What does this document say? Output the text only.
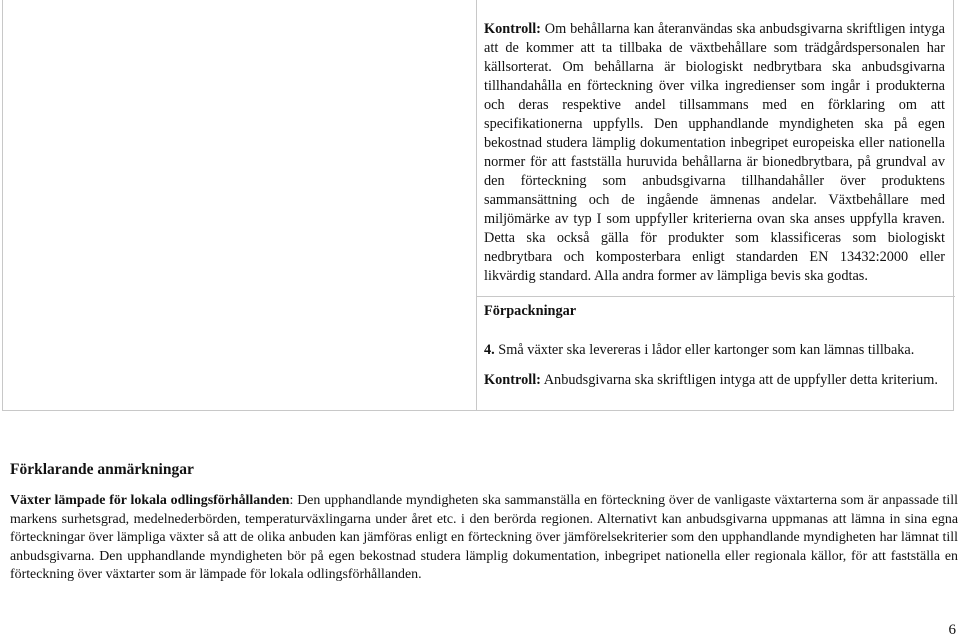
Kontroll: Om behållarna kan återanvändas ska anbudsgivarna skriftligen intyga att de kommer att ta tillbaka de växtbehållare som trädgårdspersonalen har källsorterat. Om behållarna är biologiskt nedbrytbara ska anbudsgivarna tillhandahålla en förteckning över vilka ingredienser som ingår i produkterna och deras respektive andel tillsammans med en förklaring om att specifikationerna uppfylls. Den upphandlande myndigheten ska på egen bekostnad studera lämplig dokumentation inbegripet europeiska eller nationella normer för att fastställa huruvida behållarna är bionedbrytbara, på grundval av den förteckning som anbudsgivarna tillhandahåller över produktens sammansättning och de ingående ämnenas andelar. Växtbehållare med miljömärke av typ I som uppfyller kriterierna ovan ska anses uppfylla kraven. Detta ska också gälla för produkter som klassificeras som biologiskt nedbrytbara och komposterbara enligt standarden EN 13432:2000 eller likvärdig standard. Alla andra former av lämpliga bevis ska godtas.

Förpackningar

4. Små växter ska levereras i lådor eller kartonger som kan lämnas tillbaka.

Kontroll: Anbudsgivarna ska skriftligen intyga att de uppfyller detta kriterium.

Förklarande anmärkningar

Växter lämpade för lokala odlingsförhållanden: Den upphandlande myndigheten ska sammanställa en förteckning över de vanligaste växtarterna som är anpassade till markens surhetsgrad, medelnederbörden, temperaturväxlingarna under året etc. i den berörda regionen. Alternativt kan anbudsgivarna uppmanas att lämna in sina egna förteckningar över lämpliga växter så att de olika anbuden kan jämföras enligt en förteckning över jämförelsekriterier som den upphandlande myndigheten har lämnat till anbudsgivarna. Den upphandlande myndigheten bör på egen bekostnad studera lämplig dokumentation, inbegripet nationella eller regionala källor, för att fastställa en förteckning över växtarter som är lämpade för lokala odlingsförhållanden.

6
